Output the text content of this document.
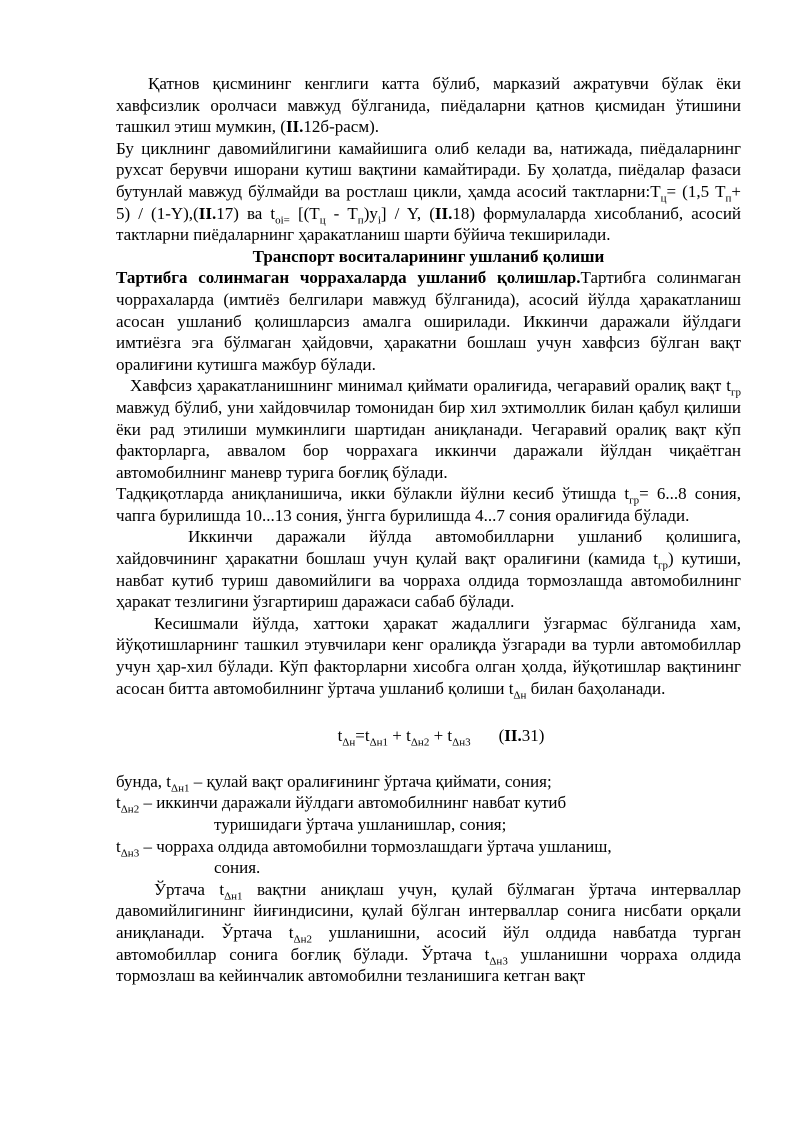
Қатнов қисмининг кенглиги катта бўлиб, марказий ажратувчи бўлак ёки хавфсизлик оролчаси мавжуд бўлганида, пиёдаларни қатнов қисмидан ўтишини ташкил этиш мумкин, (II.12б-расм).

Бу циклнинг давомийлигини камайишига олиб келади ва, натижада, пиёдаларнинг рухсат берувчи ишорани кутиш вақтини камайтиради. Бу ҳолатда, пиёдалар фазаси бутунлай мавжуд бўлмайди ва ростлаш цикли, ҳамда асосий $тактларни:Т_ц= (1,5$ $Т_п+ 5) / (1-Y),(II.17)$ ва $t_{oi=}$ $[(Т_ц - Т_п)y_i]$ / Y, (II.18) формулаларда хисобланиб, асосий тактларни пиёдаларнинг ҳаракатланиш шарти бўйича текширилади.

Транспорт воситаларининг ушланиб қолиши

Тартибга солинмаган чоррахаларда ушланиб қолишлар.Тартибга солинмаган чоррахаларда (имтиёз белгилари мавжуд бўлганида), асосий йўлда ҳаракатланиш асосан ушланиб қолишларсиз амалга оширилади. Иккинчи даражали йўлдаги имтиёзга эга бўлмаган ҳайдовчи, ҳаракатни бошлаш учун хавфсиз бўлган вақт оралиғини кутишга мажбур бўлади.

Хавфсиз ҳаракатланишнинг минимал қиймати оралиғида, чегаравий оралиқ вақт $t_{гр}$ мавжуд бўлиб, уни хайдовчилар томонидан бир хил эхтимоллик билан қабул қилиши ёки рад этилиши мумкинлиги шартидан аниқланади. Чегаравий оралиқ вақт кўп факторларга, аввалом бор чоррахага иккинчи даражали йўлдан чиқаётган автомобилнинг маневр турига боғлиқ бўлади.

Тадқиқотларда аниқланишича, икки бўлакли йўлни кесиб ўтишда $t_{гр}= 6...8$ сония, чапга бурилишда 10...13 сония, ўнгга бурилишда 4...7 сония оралиғида бўлади.

Иккинчи даражали йўлда автомобилларни ушланиб қолишига, хайдовчининг ҳаракатни бошлаш учун қулай вақт оралиғини (камида $t_{гр}$) кутиши, навбат кутиб туриш давомийлиги ва чорраха олдида тормозлашда автомобилнинг ҳаракат тезлигини ўзгартириш даражаси сабаб бўлади.

Кесишмали йўлда, хаттоки ҳаракат жадаллиги ўзгармас бўлганида хам, йўқотишларнинг ташкил этувчилари кенг оралиқда ўзгаради ва турли автомобиллар учун ҳар-хил бўлади. Кўп факторларни хисобга олган ҳолда, йўқотишлар вақтининг асосан битта автомобилнинг ўртача ушланиб қолиши $t_{\Delta н}$ билан баҳоланади.

$t_{\Delta н}=t_{\Delta н1} + t_{\Delta н2} + t_{\Delta н3}$ (II.31)

бунда, $t_{\Delta н1}$ – қулай вақт оралиғининг ўртача қиймати, сония;

$t_{\Delta н2}$ – иккинчи даражали йўлдаги автомобилнинг навбат кутиб

туришидаги ўртача ушланишлар, сония;

$t_{\Delta н3}$ – чорраха олдида автомобилни тормозлашдаги ўртача ушланиш,

сония.

Ўртача $t_{\Delta н1}$ вақтни аниқлаш учун, қулай бўлмаган ўртача интерваллар давомийлигининг йиғиндисини, қулай бўлган интерваллар сонига нисбати орқали аниқланади. Ўртача $t_{\Delta н2}$ ушланишни, асосий йўл олдида навбатда турган автомобиллар сонига боғлиқ бўлади. Ўртача $t_{\Delta н3}$ ушланишни чорраха олдида тормозлаш ва кейинчалик автомобилни тезланишига кетган вақт
